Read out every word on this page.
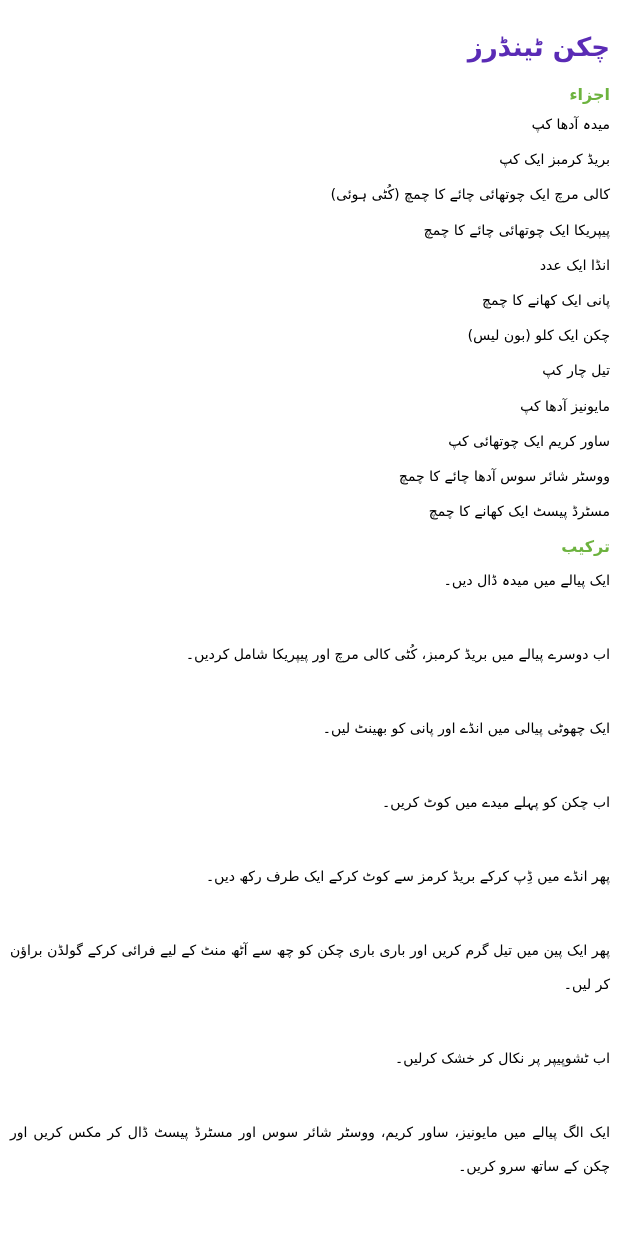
چکن ٹینڈرز
اجزاء
میدہ آدھا کپ
بریڈ کرمبز ایک کپ
کالی مرچ ایک چوتھائی چائے کا چمچ (کُٹی ہوئی)
پیپریکا ایک چوتھائی چائے کا چمچ
انڈا ایک عدد
پانی ایک کھانے کا چمچ
چکن ایک کلو (بون لیس)
تیل چار کپ
مایونیز آدھا کپ
ساور کریم ایک چوتھائی کپ
ووسٹر شائر سوس آدھا چائے کا چمچ
مسٹرڈ پیسٹ ایک کھانے کا چمچ
ترکیب

ایک پیالے میں میدہ ڈال دیں۔

اب دوسرے پیالے میں بریڈ کرمبز، کُٹی کالی مرچ اور پیپریکا شامل کردیں۔

ایک چھوٹی پیالی میں انڈے اور پانی کو بھینٹ لیں۔

اب چکن کو پہلے میدے میں کوٹ کریں۔

پھر انڈے میں ڈِپ کرکے بریڈ کرمز سے کوٹ کرکے ایک طرف رکھ دیں۔

پھر ایک پین میں تیل گرم کریں اور باری باری چکن کو چھ سے آٹھ منٹ کے لیے فرائی کرکے گولڈن براؤن کر لیں۔

اب ٹشوپیپر پر نکال کر خشک کرلیں۔

ایک الگ پیالے میں مایونیز، ساور کریم، ووسٹر شائر سوس اور مسٹرڈ پیسٹ ڈال کر مکس کریں اور چکن کے ساتھ سرو کریں۔
